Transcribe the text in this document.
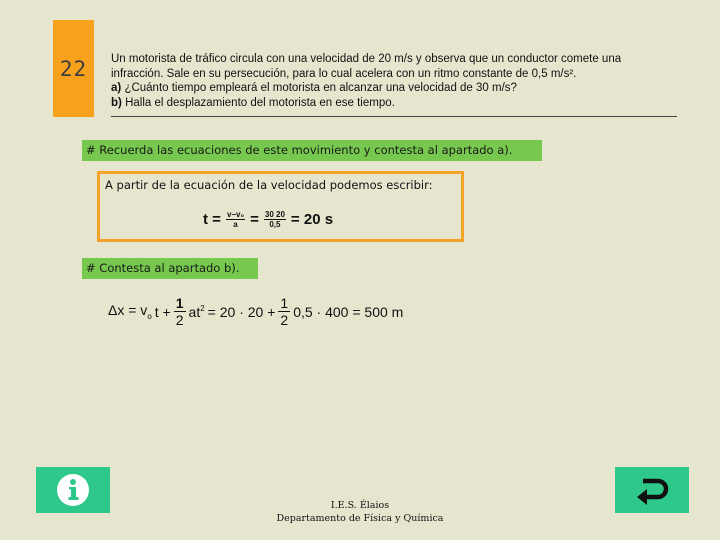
22 Un motorista de tráfico circula con una velocidad de 20 m/s y observa que un conductor comete una

infracción. Sale en su persecución, para lo cual acelera con un ritmo constante de 0,5 m/s².

a) ¿Cuánto tiempo empleará el motorista en alcanzar una velocidad de 30 m/s?

b) Halla el desplazamiento del motorista en ese tiempo.

# Recuerda las ecuaciones de este movimiento y contesta al apartado a).
A partir de la ecuación de la velocidad podemos escribir:
$t = \frac{\text{v−v₀}}{a} = \frac{30 20}{0,5} = 20$ s
# Contesta al apartado b).
$\Delta x = v_o$ $t + \frac{1}{2} at^2 = 20 \cdot 20 + \frac{1}{2} 0,5 \cdot 400 = 500$ m
I.E.S. Élaios
Departamento de Física y Química
